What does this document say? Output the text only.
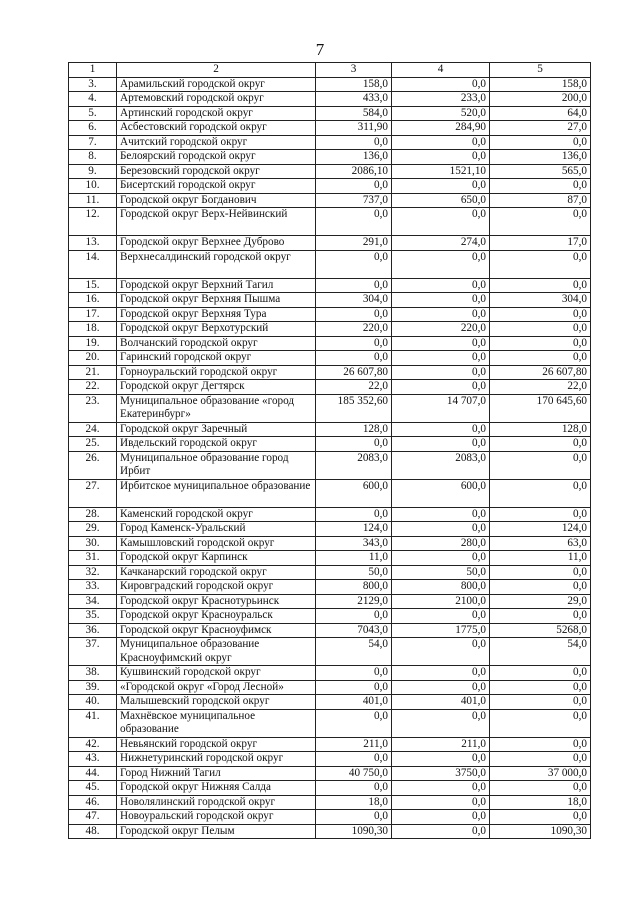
7
1	2	3	4	5
3.	Арамильский городской округ	158,0	0,0	158,0
4.	Артемовский городской округ	433,0	233,0	200,0
5.	Артинский городской округ	584,0	520,0	64,0
6.	Асбестовский городской округ	311,90	284,90	27,0
7.	Ачитский городской округ	0,0	0,0	0,0
8.	Белоярский городской округ	136,0	0,0	136,0
9.	Березовский городской округ	2086,10	1521,10	565,0
10.	Бисертский городской округ	0,0	0,0	0,0
11.	Городской округ Богданович	737,0	650,0	87,0
12.	Городской округ Верх-Нейвинский	0,0	0,0	0,0
13.	Городской округ Верхнее Дуброво	291,0	274,0	17,0
14.	Верхнесалдинский городской округ	0,0	0,0	0,0
15.	Городской округ Верхний Тагил	0,0	0,0	0,0
16.	Городской округ Верхняя Пышма	304,0	0,0	304,0
17.	Городской округ Верхняя Тура	0,0	0,0	0,0
18.	Городской округ Верхотурский	220,0	220,0	0,0
19.	Волчанский городской округ	0,0	0,0	0,0
20.	Гаринский городской округ	0,0	0,0	0,0
21.	Горноуральский городской округ	26 607,80	0,0	26 607,80
22.	Городской округ Дегтярск	22,0	0,0	22,0
23.	Муниципальное образование «город Екатеринбург»	185 352,60	14 707,0	170 645,60
24.	Городской округ Заречный	128,0	0,0	128,0
25.	Ивдельский городской округ	0,0	0,0	0,0
26.	Муниципальное образование город Ирбит	2083,0	2083,0	0,0
27.	Ирбитское муниципальное образование	600,0	600,0	0,0
28.	Каменский городской округ	0,0	0,0	0,0
29.	Город Каменск-Уральский	124,0	0,0	124,0
30.	Камышловский городской округ	343,0	280,0	63,0
31.	Городской округ Карпинск	11,0	0,0	11,0
32.	Качканарский городской округ	50,0	50,0	0,0
33.	Кировградский городской округ	800,0	800,0	0,0
34.	Городской округ Краснотурьинск	2129,0	2100,0	29,0
35.	Городской округ Красноуральск	0,0	0,0	0,0
36.	Городской округ Красноуфимск	7043,0	1775,0	5268,0
37.	Муниципальное образование Красноуфимский округ	54,0	0,0	54,0
38.	Кушвинский городской округ	0,0	0,0	0,0
39.	«Городской округ «Город Лесной»	0,0	0,0	0,0
40.	Малышевский городской округ	401,0	401,0	0,0
41.	Махнёвское муниципальное образование	0,0	0,0	0,0
42.	Невьянский городской округ	211,0	211,0	0,0
43.	Нижнетуринский городской округ	0,0	0,0	0,0
44.	Город Нижний Тагил	40 750,0	3750,0	37 000,0
45.	Городской округ Нижняя Салда	0,0	0,0	0,0
46.	Новолялинский городской округ	18,0	0,0	18,0
47.	Новоуральский городской округ	0,0	0,0	0,0
48.	Городской округ Пелым	1090,30	0,0	1090,30
